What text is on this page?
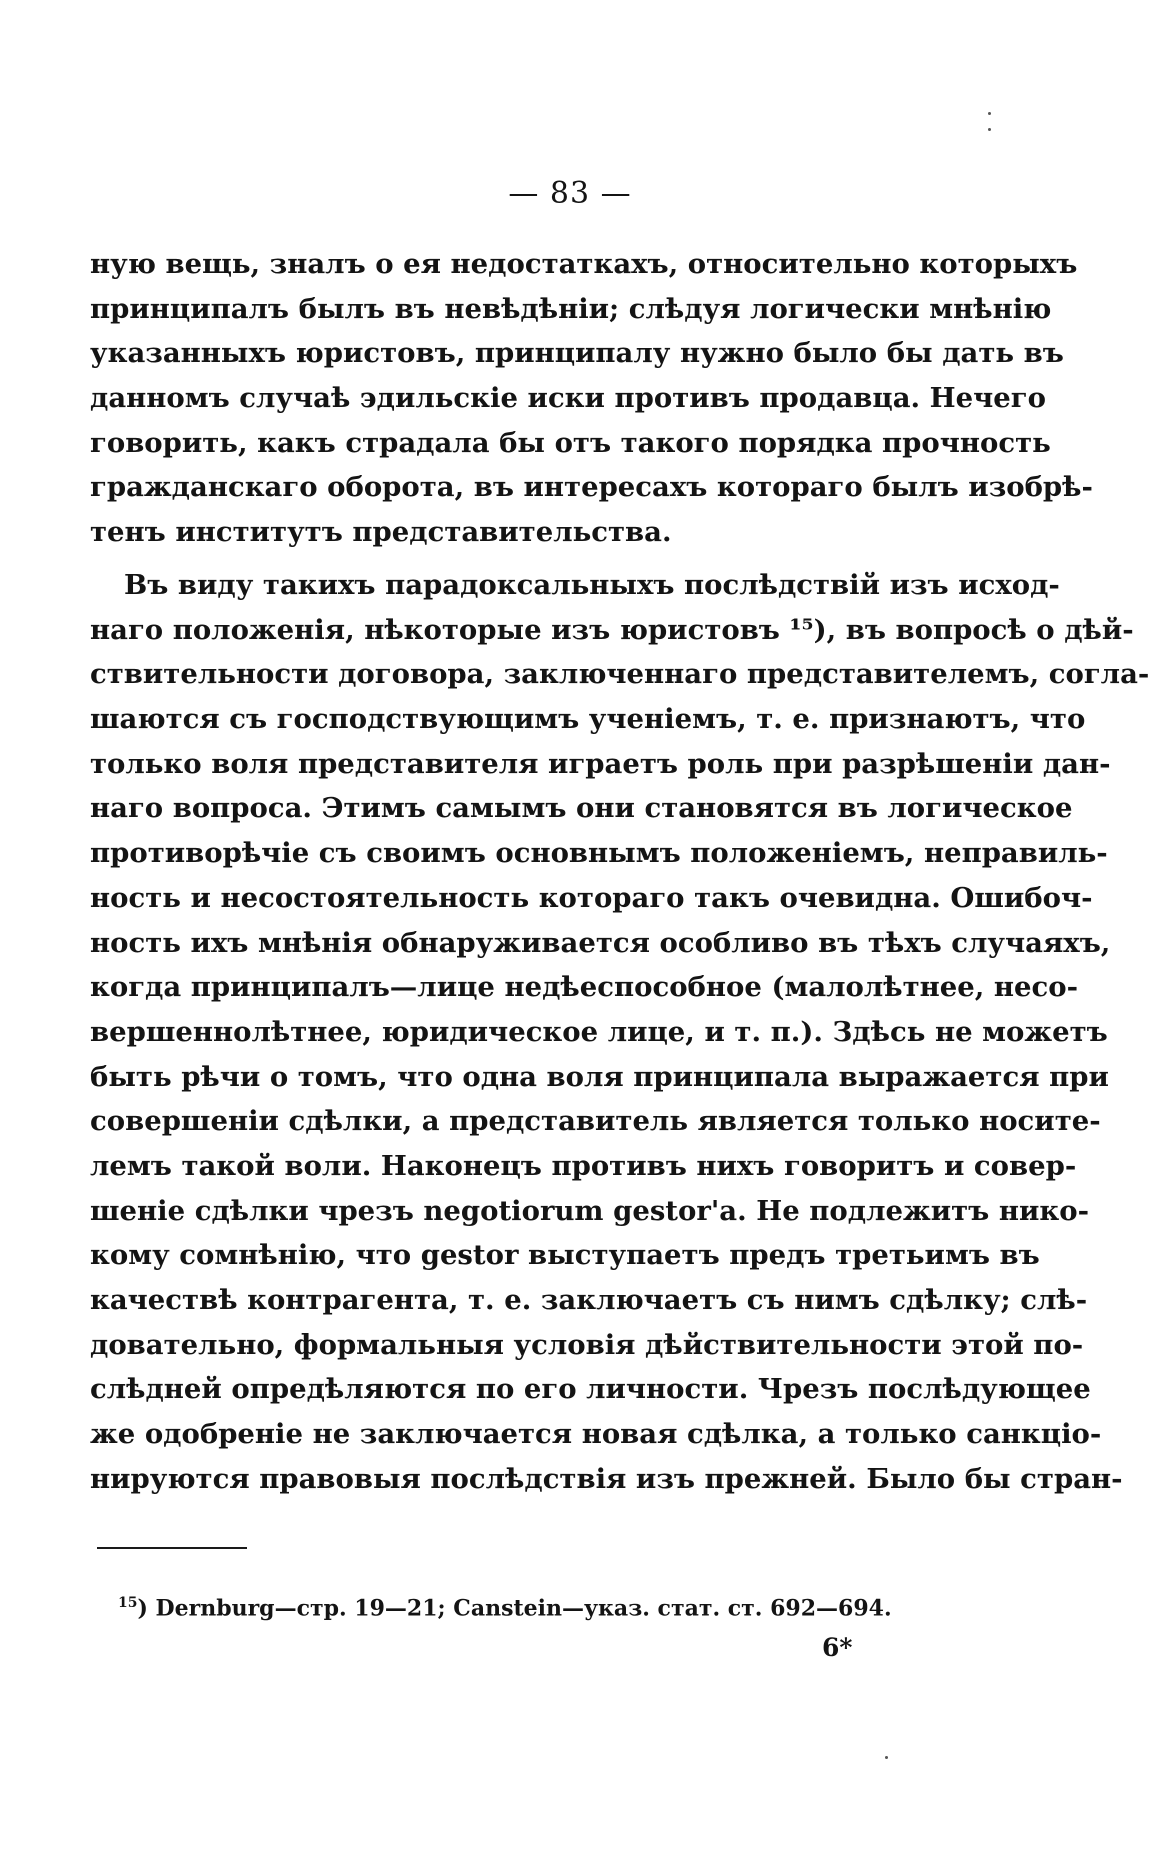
— 83 —
ную вещь, зналъ о ея недостаткахъ, относительно которыхъ
принципалъ былъ въ невѣдѣніи; слѣдуя логически мнѣнію
указанныхъ юристовъ, принципалу нужно было бы дать въ
данномъ случаѣ эдильскіе иски противъ продавца. Нечего
говорить, какъ страдала бы отъ такого порядка прочность
гражданскаго оборота, въ интересахъ котораго былъ изобрѣ-
тенъ институтъ представительства.
Въ виду такихъ парадоксальныхъ послѣдствій изъ исход-
наго положенія, нѣкоторые изъ юристовъ ¹⁵), въ вопросѣ о дѣй-
ствительности договора, заключеннаго представителемъ, согла-
шаются съ господствующимъ ученіемъ, т. е. признаютъ, что
только воля представителя играетъ роль при разрѣшеніи дан-
наго вопроса. Этимъ самымъ они становятся въ логическое
противорѣчіе съ своимъ основнымъ положеніемъ, неправиль-
ность и несостоятельность котораго такъ очевидна. Ошибоч-
ность ихъ мнѣнія обнаруживается особливо въ тѣхъ случаяхъ,
когда принципалъ—лице недѣеспособное (малолѣтнее, несо-
вершеннолѣтнее, юридическое лице, и т. п.). Здѣсь не можетъ
быть рѣчи о томъ, что одна воля принципала выражается при
совершеніи сдѣлки, а представитель является только носите-
лемъ такой воли. Наконецъ противъ нихъ говоритъ и совер-
шеніе сдѣлки чрезъ negotiorum gestor'a. Не подлежитъ нико-
кому сомнѣнію, что gestor выступаетъ предъ третьимъ въ
качествѣ контрагента, т. е. заключаетъ съ нимъ сдѣлку; слѣ-
довательно, формальныя условія дѣйствительности этой по-
слѣдней опредѣляются по его личности. Чрезъ послѣдующее
же одобреніе не заключается новая сдѣлка, а только санкціо-
нируются правовыя послѣдствія изъ прежней. Было бы стран-
$^{15}$) Dernburg—стр. 19—21; Canstein—указ. стат. ст. 692—694.
6*
